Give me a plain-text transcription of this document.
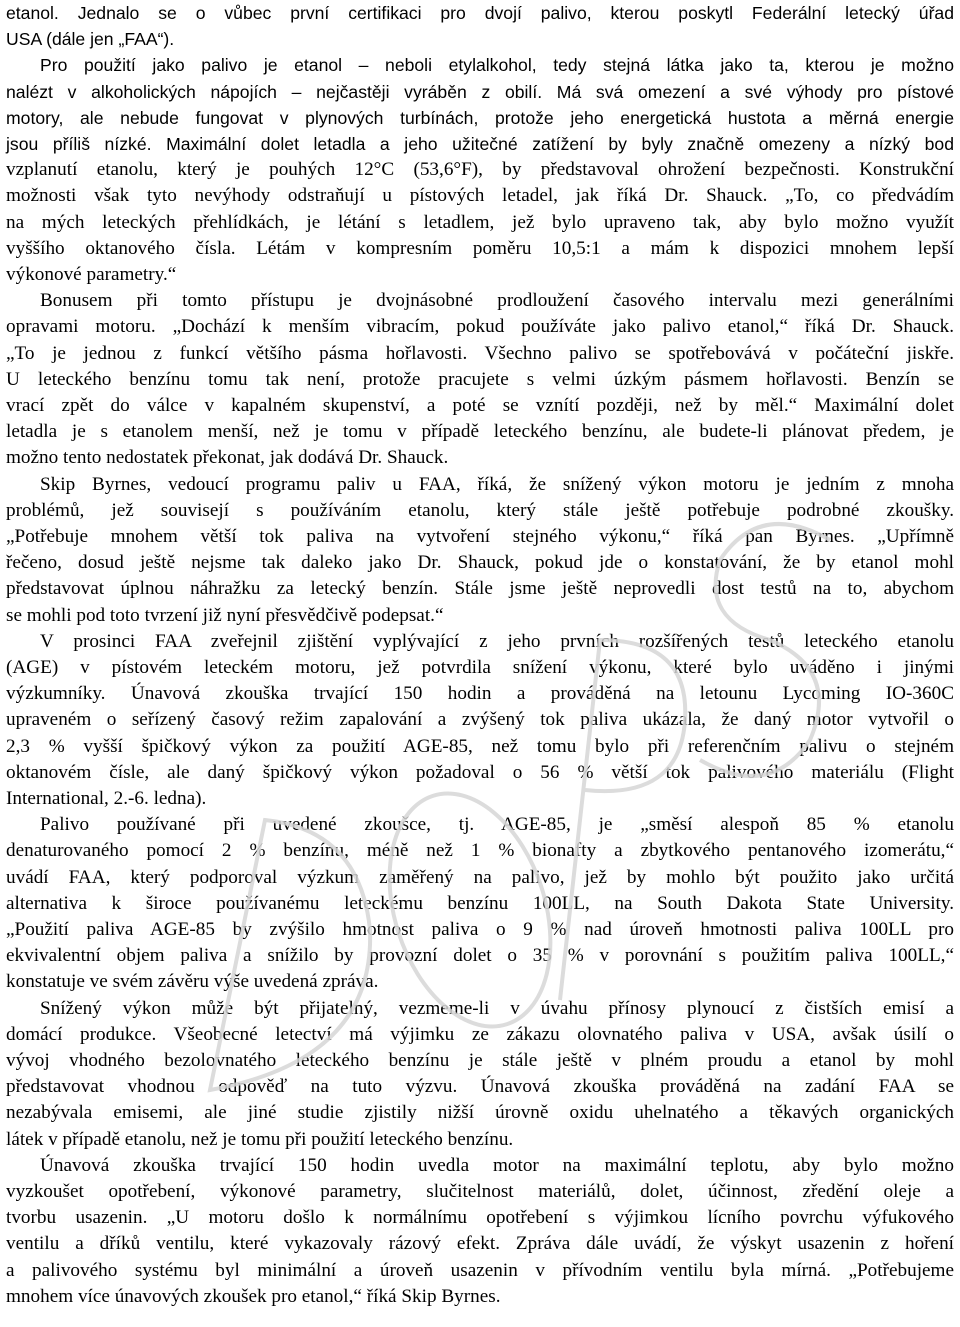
etanol. Jednalo se o vůbec první certifikaci pro dvojí palivo, kterou poskytl Federální letecký úřad
USA (dále jen „FAA“).
Pro použití jako palivo je etanol – neboli etylalkohol, tedy stejná látka jako ta, kterou je možno
nalézt v alkoholických nápojích – nejčastěji vyráběn z obilí. Má svá omezení a své výhody pro pístové
motory, ale nebude fungovat v plynových turbínách, protože jeho energetická hustota a měrná energie
jsou příliš nízké. Maximální dolet letadla a jeho užitečné zatížení by byly značně omezeny a nízký bod
vzplanutí etanolu, který je pouhých 12°C (53,6°F), by představoval ohrožení bezpečnosti. Konstrukční
možnosti však tyto nevýhody odstraňují u pístových letadel, jak říká Dr. Shauck. „To, co předvádím
na mých leteckých přehlídkách, je létání s letadlem, jež bylo upraveno tak, aby bylo možno využít
vyššího oktanového čísla. Létám v kompresním poměru 10,5:1 a mám k dispozici mnohem lepší
výkonové parametry.“
Bonusem při tomto přístupu je dvojnásobné prodloužení časového intervalu mezi generálními
opravami motoru. „Dochází k menším vibracím, pokud používáte jako palivo etanol,“ říká Dr. Shauck.
„To je jednou z funkcí většího pásma hořlavosti. Všechno palivo se spotřebovává v počáteční jiskře.
U leteckého benzínu tomu tak není, protože pracujete s velmi úzkým pásmem hořlavosti. Benzín se
vrací zpět do válce v kapalném skupenství, a poté se vznítí později, než by měl.“ Maximální dolet
letadla je s etanolem menší, než je tomu v případě leteckého benzínu, ale budete-li plánovat předem, je
možno tento nedostatek překonat, jak dodává Dr. Shauck.
Skip Byrnes, vedoucí programu paliv u FAA, říká, že snížený výkon motoru je jedním z mnoha
problémů, jež souvisejí s používáním etanolu, který stále ještě potřebuje podrobné zkoušky.
„Potřebuje mnohem větší tok paliva na vytvoření stejného výkonu,“ říká pan Byrnes. „Upřímně
řečeno, dosud ještě nejsme tak daleko jako Dr. Shauck, pokud jde o konstatování, že by etanol mohl
představovat úplnou náhražku za letecký benzín. Stále jsme ještě neprovedli dost testů na to, abychom
se mohli pod toto tvrzení již nyní přesvědčivě podepsat.“
V prosinci FAA zveřejnil zjištění vyplývající z jeho prvních rozšířených testů leteckého etanolu
(AGE) v pístovém leteckém motoru, jež potvrdila snížení výkonu, které bylo uváděno i jinými
výzkumníky. Únavová zkouška trvající 150 hodin a prováděná na letounu Lycoming IO-360C
upraveném o seřízený časový režim zapalování a zvýšený tok paliva ukázala, že daný motor vytvořil o
2,3 % vyšší špičkový výkon za použití AGE-85, než tomu bylo při referenčním palivu o stejném
oktanovém čísle, ale daný špičkový výkon požadoval o 56 % větší tok palivového materiálu (Flight
International, 2.-6. ledna).
Palivo používané při uvedené zkoušce, tj. AGE-85, je „směsí alespoň 85 % etanolu
denaturovaného pomocí 2 % benzínu, méně než 1 % bionafty a zbytkového pentanového izomerátu,“
uvádí FAA, který podporoval výzkum zaměřený na palivo, jež by mohlo být použito jako určitá
alternativa k široce používanému leteckému benzínu 100LL, na South Dakota State University.
„Použití paliva AGE-85 by zvýšilo hmotnost paliva o 9 % nad úroveň hmotnosti paliva 100LL pro
ekvivalentní objem paliva a snížilo by provozní dolet o 35 % v porovnání s použitím paliva 100LL,“
konstatuje ve svém závěru výše uvedená zpráva.
Snížený výkon může být přijatelný, vezmeme-li v úvahu přínosy plynoucí z čistších emisí a
domácí produkce. Všeobecné letectví má výjimku ze zákazu olovnatého paliva v USA, avšak úsilí o
vývoj vhodného bezolovnatého leteckého benzínu je stále ještě v plném proudu a etanol by mohl
představovat vhodnou odpověď na tuto výzvu. Únavová zkouška prováděná na zadání FAA se
nezabývala emisemi, ale jiné studie zjistily nižší úrovně oxidu uhelnatého a těkavých organických
látek v případě etanolu, než je tomu při použití leteckého benzínu.
Únavová zkouška trvající 150 hodin uvedla motor na maximální teplotu, aby bylo možno
vyzkoušet opotřebení, výkonové parametry, slučitelnost materiálů, dolet, účinnost, zředění oleje a
tvorbu usazenin. „U motoru došlo k normálnímu opotřebení s výjimkou lícního povrchu výfukového
ventilu a dříků ventilu, které vykazovaly rázový efekt. Zpráva dále uvádí, že výskyt usazenin z hoření
a palivového systému byl minimální a úroveň usazenin v přívodním ventilu byla mírná. „Potřebujeme
mnohem více únavových zkoušek pro etanol,“ říká Skip Byrnes.
